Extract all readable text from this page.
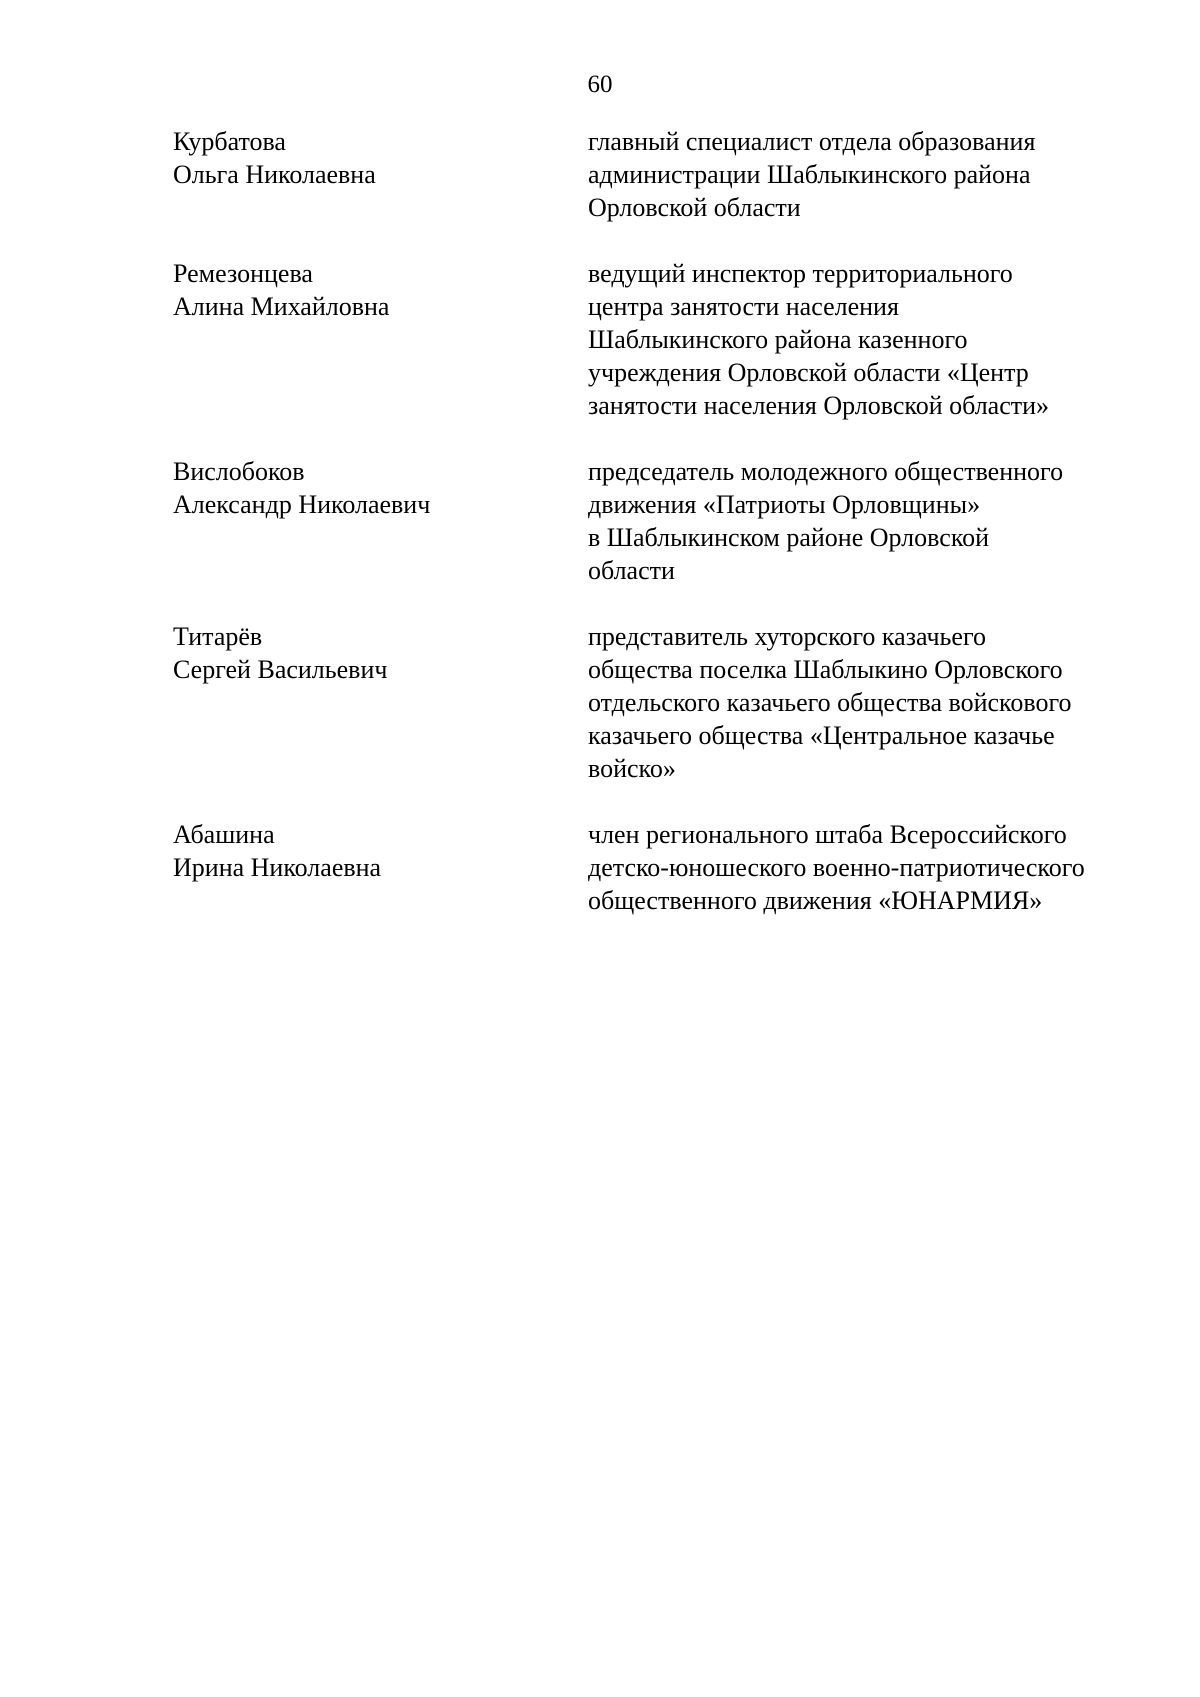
60

Курбатова
Ольга Николаевна
главный специалист отдела образования
администрации Шаблыкинского района
Орловской области
Ремезонцева
Алина Михайловна
ведущий инспектор территориального
центра занятости населения
Шаблыкинского района казенного
учреждения Орловской области «Центр
занятости населения Орловской области»
Вислобоков
Александр Николаевич
председатель молодежного общественного
движения «Патриоты Орловщины»
в Шаблыкинском районе Орловской
области
Титарёв
Сергей Васильевич
представитель хуторского казачьего
общества поселка Шаблыкино Орловского
отдельского казачьего общества войскового
казачьего общества «Центральное казачье
войско»
Абашина
Ирина Николаевна
член регионального штаба Всероссийского
детско-юношеского военно-патриотического
общественного движения «ЮНАРМИЯ»
